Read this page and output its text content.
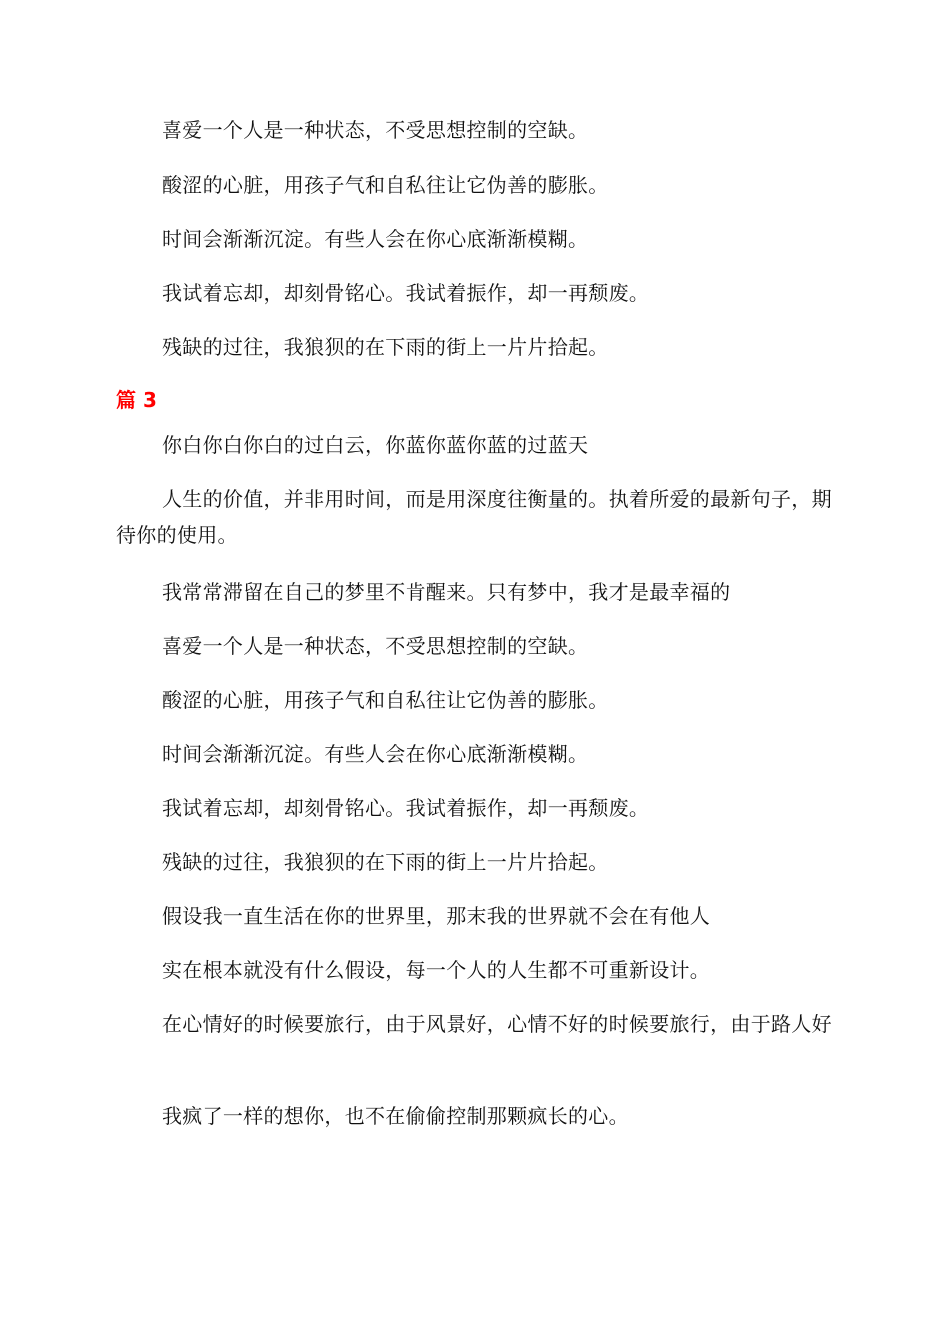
喜爱一个人是一种状态，不受思想控制的空缺。

酸涩的心脏，用孩子气和自私往让它伪善的膨胀。

时间会渐渐沉淀。有些人会在你心底渐渐模糊。

我试着忘却，却刻骨铭心。我试着振作，却一再颓废。

残缺的过往，我狼狈的在下雨的街上一片片拾起。

篇 3

你白你白你白的过白云，你蓝你蓝你蓝的过蓝天

人生的价值，并非用时间，而是用深度往衡量的。执着所爱的最新句子，期待你的使用。

我常常滞留在自己的梦里不肯醒来。只有梦中，我才是最幸福的

喜爱一个人是一种状态，不受思想控制的空缺。

酸涩的心脏，用孩子气和自私往让它伪善的膨胀。

时间会渐渐沉淀。有些人会在你心底渐渐模糊。

我试着忘却，却刻骨铭心。我试着振作，却一再颓废。

残缺的过往，我狼狈的在下雨的街上一片片拾起。

假设我一直生活在你的世界里，那末我的世界就不会在有他人

实在根本就没有什么假设，每一个人的人生都不可重新设计。

在心情好的时候要旅行，由于风景好，心情不好的时候要旅行，由于路人好

我疯了一样的想你，也不在偷偷控制那颗疯长的心。
